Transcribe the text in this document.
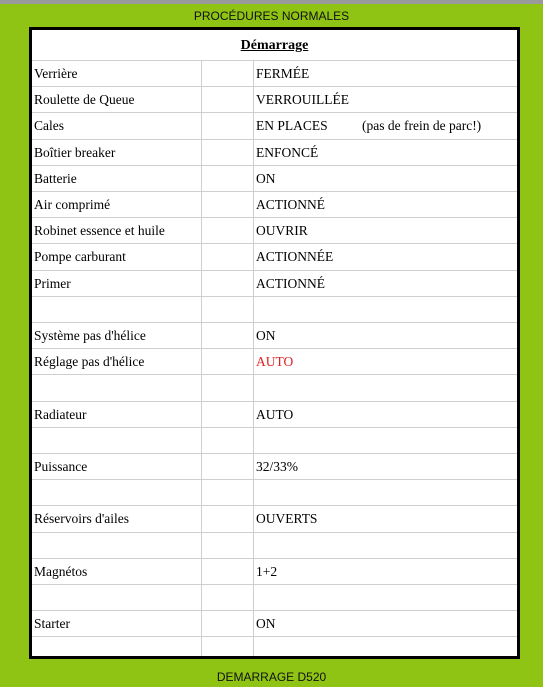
PROCÉDURES NORMALES
Démarrage
Verrière	FERMÉE
Roulette de Queue	VERROUILLÉE
Cales	EN PLACES	(pas de frein de parc!)
Boîtier breaker	ENFONCÉ
Batterie	ON
Air comprimé	ACTIONNÉ
Robinet essence et huile	OUVRIR
Pompe carburant	ACTIONNÉE
Primer	ACTIONNÉ
Système pas d'hélice	ON
Réglage pas d'hélice	AUTO
Radiateur	AUTO
Puissance	32/33%
Réservoirs d'ailes	OUVERTS
Magnétos	1+2
Starter	ON
DEMARRAGE D520
